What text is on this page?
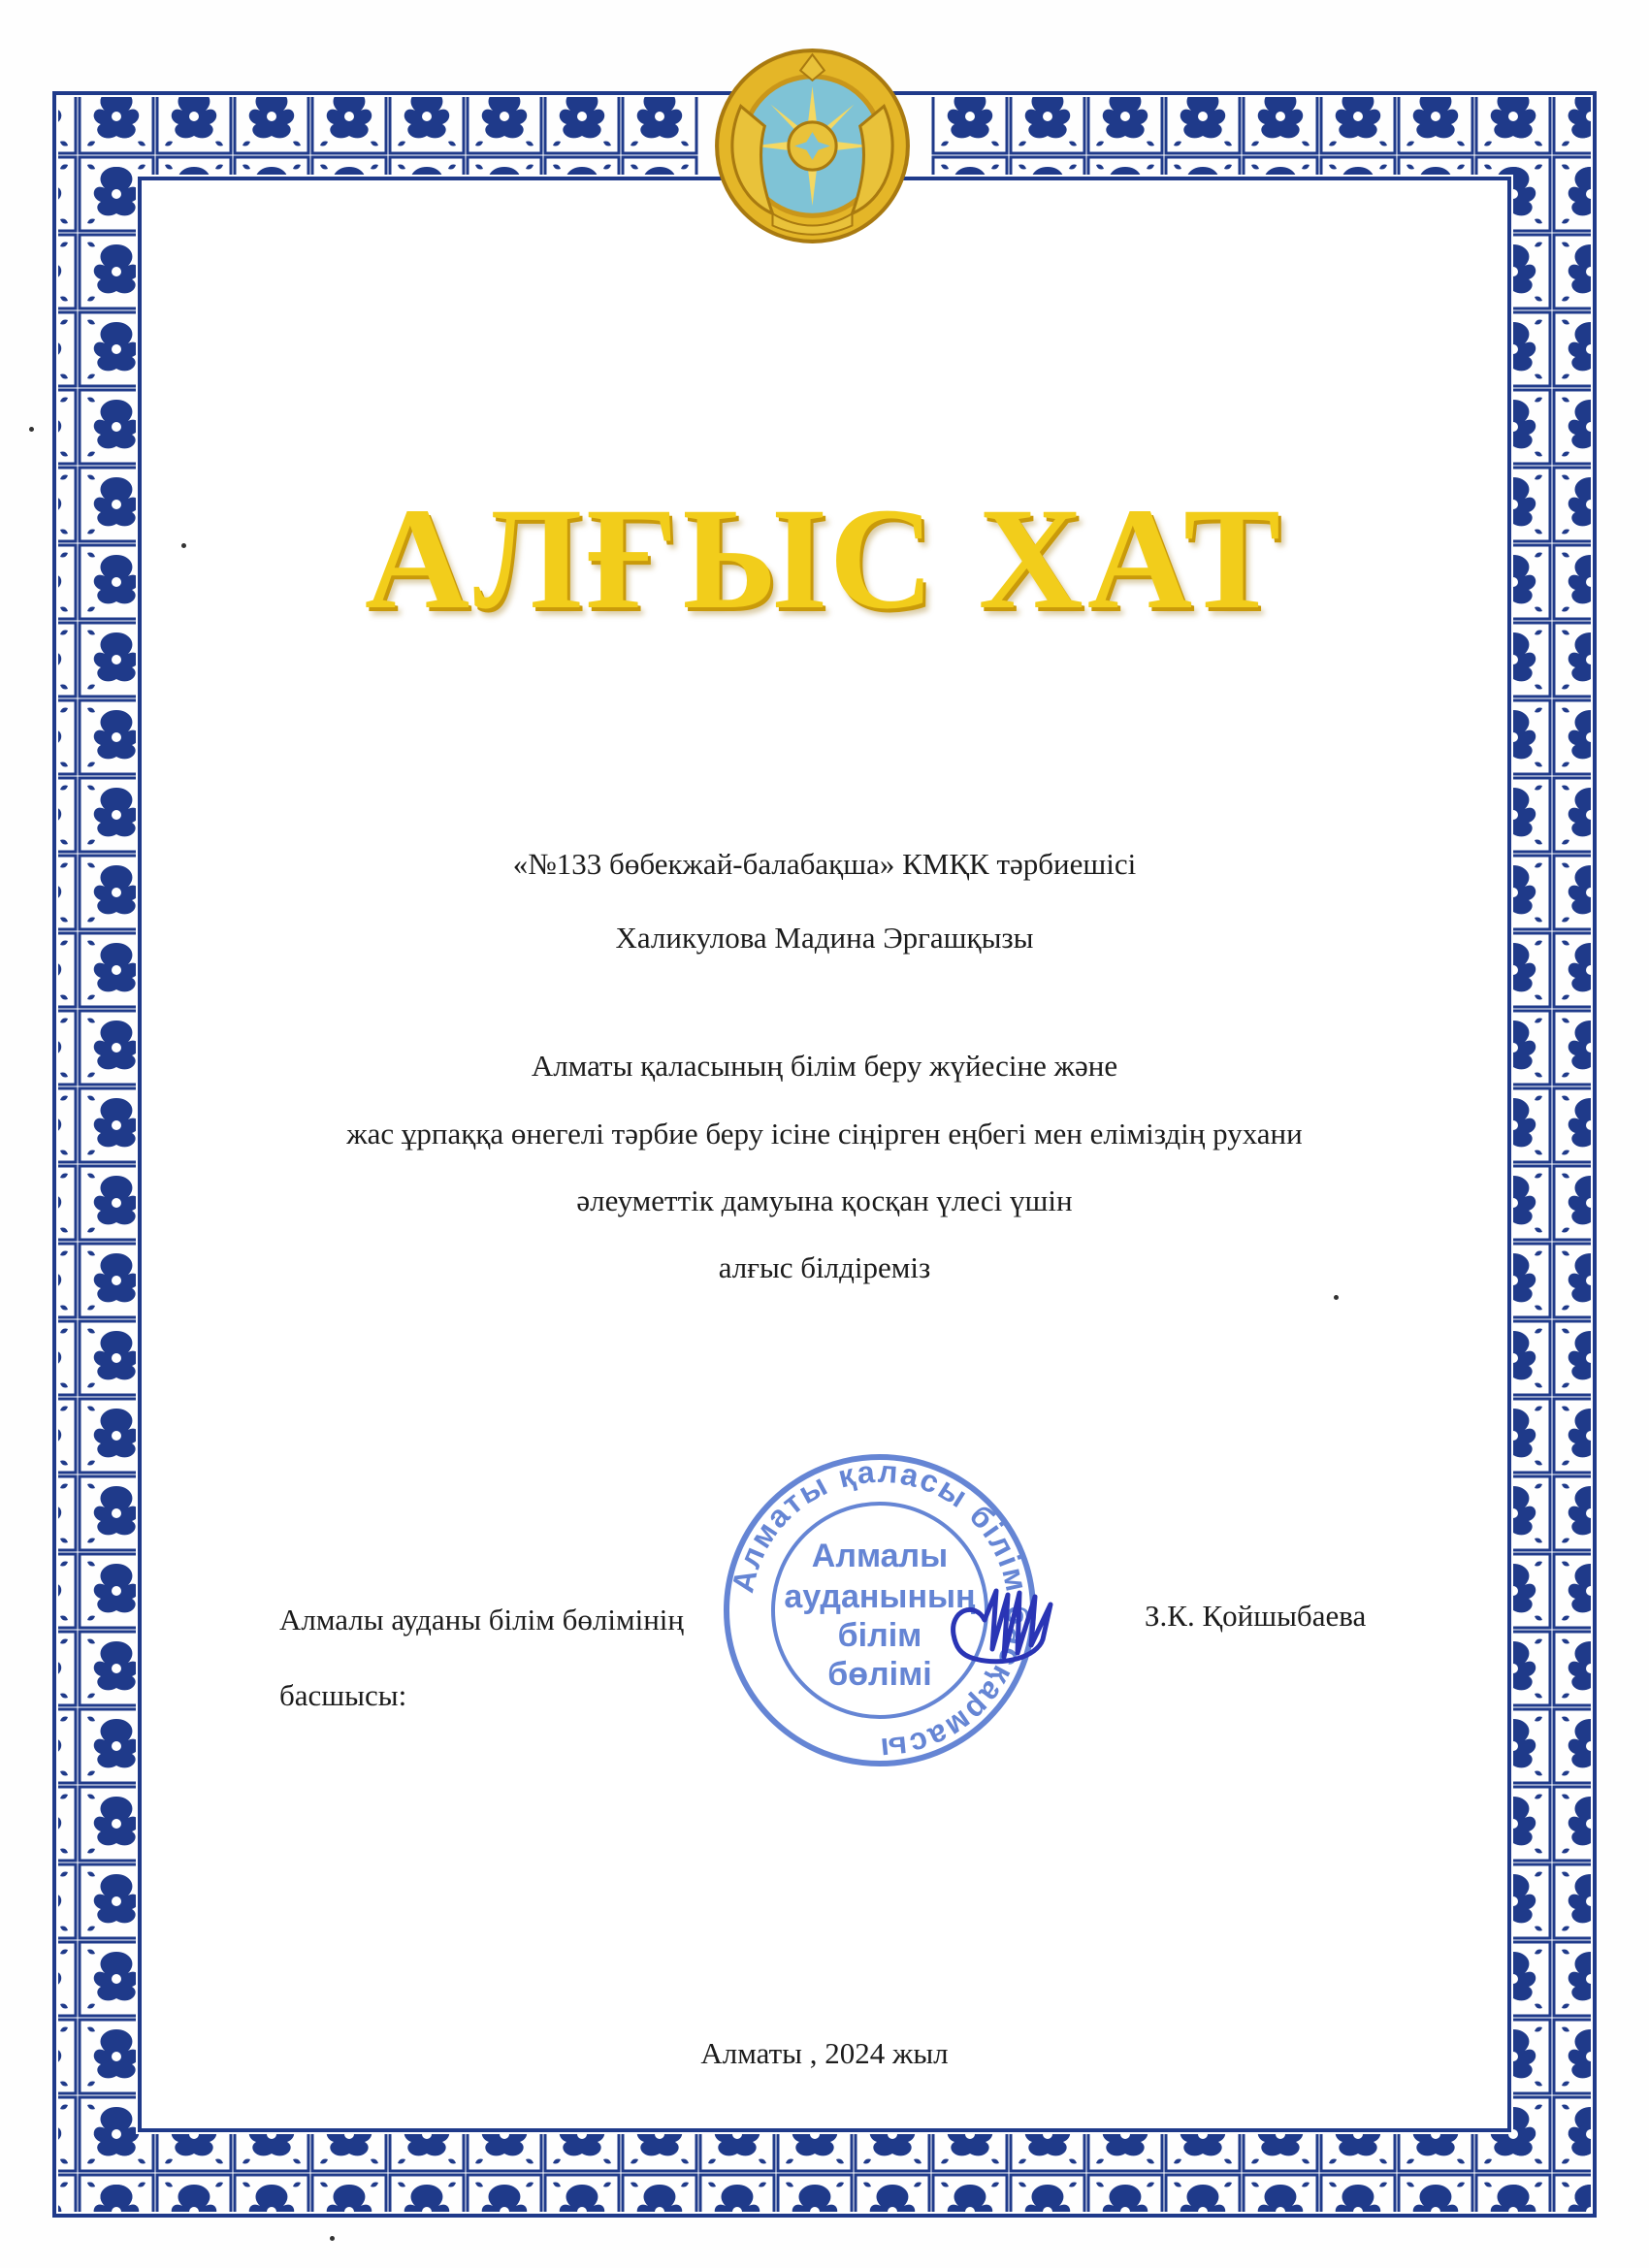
АЛҒЫС ХАТ
«№133 бөбекжай-балабақша» КМҚК тәрбиешісі
Халикулова Мадина Эргашқызы
Алматы қаласының білім беру жүйесіне және
жас ұрпаққа өнегелі тәрбие беру ісіне сіңірген еңбегі мен еліміздің рухани
әлеуметтік дамуына қосқан үлесі үшін
алғыс білдіреміз
Алматы қаласы білім басқармасы
Алмалы
ауданының
білім
бөлімі
Алмалы ауданы білім бөлімінің
басшысы:
З.К. Қойшыбаева
Алматы , 2024 жыл
